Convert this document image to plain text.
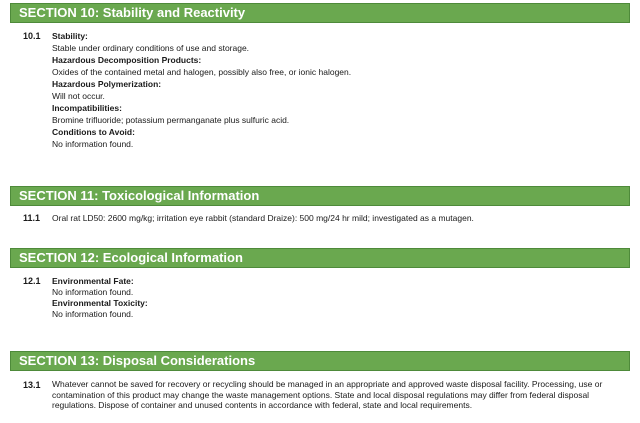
SECTION 10: Stability and Reactivity
10.1 Stability:
Stable under ordinary conditions of use and storage.
Hazardous Decomposition Products:
Oxides of the contained metal and halogen, possibly also free, or ionic halogen.
Hazardous Polymerization:
Will not occur.
Incompatibilities:
Bromine trifluoride; potassium permanganate plus sulfuric acid.
Conditions to Avoid:
No information found.
SECTION 11: Toxicological Information
11.1 Oral rat LD50: 2600 mg/kg; irritation eye rabbit (standard Draize): 500 mg/24 hr mild; investigated as a mutagen.
SECTION 12: Ecological Information
12.1 Environmental Fate:
No information found.
Environmental Toxicity:
No information found.
SECTION 13: Disposal Considerations
13.1 Whatever cannot be saved for recovery or recycling should be managed in an appropriate and approved waste disposal facility. Processing, use or contamination of this product may change the waste management options. State and local disposal regulations may differ from federal disposal regulations. Dispose of container and unused contents in accordance with federal, state and local requirements.
